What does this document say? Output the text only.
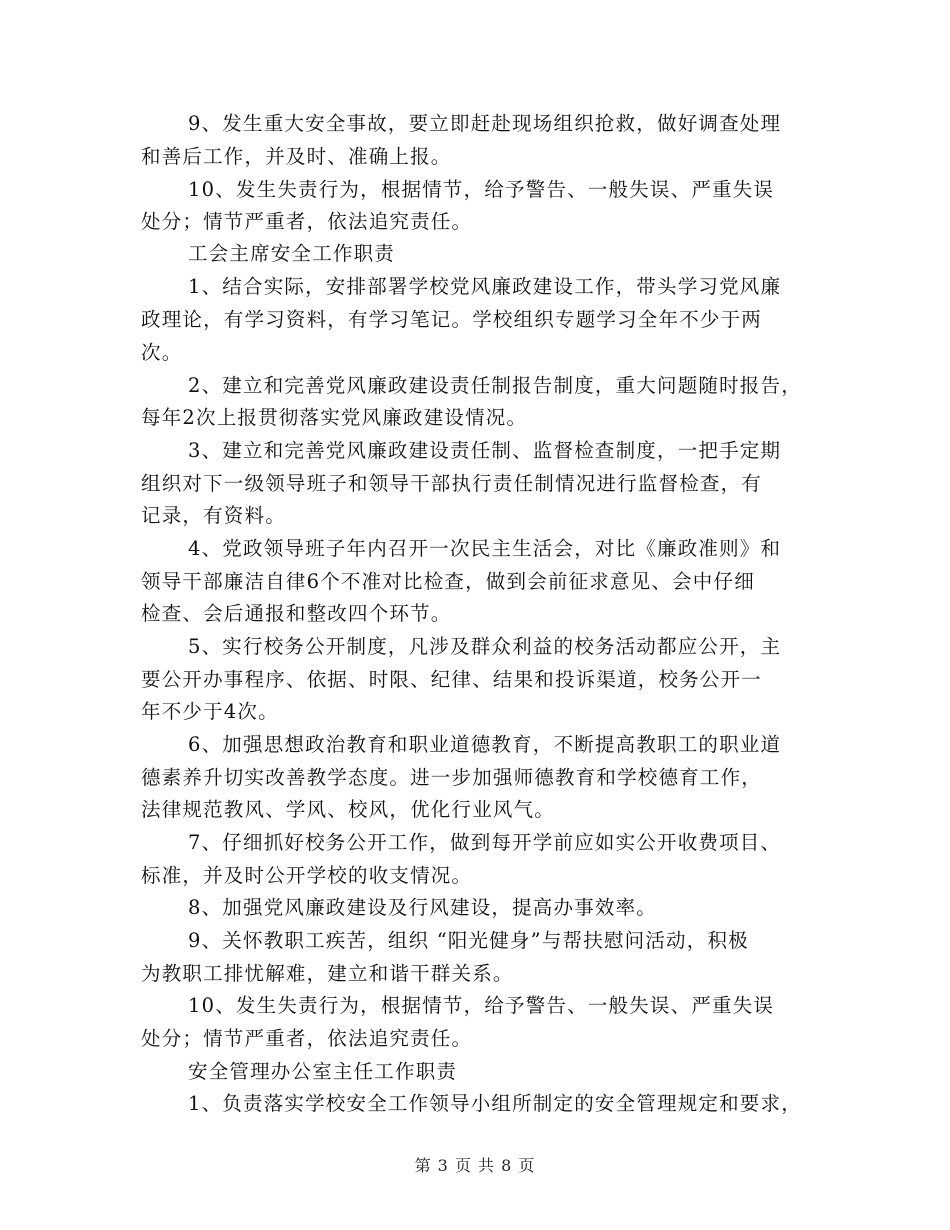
9、发生重大安全事故，要立即赶赴现场组织抢救，做好调查处理
和善后工作，并及时、准确上报。
10、发生失责行为，根据情节，给予警告、一般失误、严重失误
处分；情节严重者，依法追究责任。
工会主席安全工作职责
1、结合实际，安排部署学校党风廉政建设工作，带头学习党风廉
政理论，有学习资料，有学习笔记。学校组织专题学习全年不少于两
次。
2、建立和完善党风廉政建设责任制报告制度，重大问题随时报告，
每年2次上报贯彻落实党风廉政建设情况。
3、建立和完善党风廉政建设责任制、监督检查制度，一把手定期
组织对下一级领导班子和领导干部执行责任制情况进行监督检查，有
记录，有资料。
4、党政领导班子年内召开一次民主生活会，对比《廉政准则》和
领导干部廉洁自律6个不准对比检查，做到会前征求意见、会中仔细
检查、会后通报和整改四个环节。
5、实行校务公开制度，凡涉及群众利益的校务活动都应公开，主
要公开办事程序、依据、时限、纪律、结果和投诉渠道，校务公开一
年不少于4次。
6、加强思想政治教育和职业道德教育，不断提高教职工的职业道
德素养升切实改善教学态度。进一步加强师德教育和学校德育工作，
法律规范教风、学风、校风，优化行业风气。
7、仔细抓好校务公开工作，做到每开学前应如实公开收费项目、
标准，并及时公开学校的收支情况。
8、加强党风廉政建设及行风建设，提高办事效率。
9、关怀教职工疾苦，组织 “阳光健身”与帮扶慰问活动，积极
为教职工排忧解难，建立和谐干群关系。
10、发生失责行为，根据情节，给予警告、一般失误、严重失误
处分；情节严重者，依法追究责任。
安全管理办公室主任工作职责
1、负责落实学校安全工作领导小组所制定的安全管理规定和要求，
第 3 页 共 8 页
